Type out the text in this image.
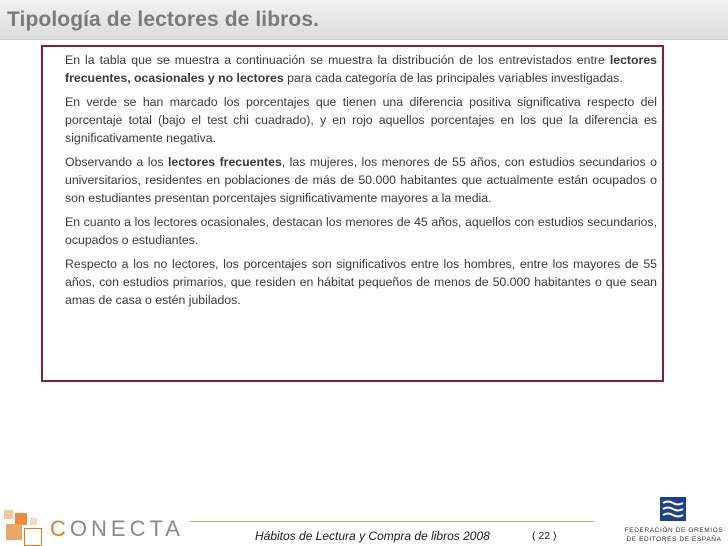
Tipología de lectores de libros.

En la tabla que se muestra a continuación se muestra la distribución de los entrevistados entre lectores frecuentes, ocasionales y no lectores para cada categoría de las principales variables investigadas.

En verde se han marcado los porcentajes que tienen una diferencia positiva significativa respecto del porcentaje total (bajo el test chi cuadrado), y en rojo aquellos porcentajes en los que la diferencia es significativamente negativa.

Observando a los lectores frecuentes, las mujeres, los menores de 55 años, con estudios secundarios o universitarios, residentes en poblaciones de más de 50.000 habitantes que actualmente están ocupados o son estudiantes presentan porcentajes significativamente mayores a la media.

En cuanto a los lectores ocasionales, destacan los menores de 45 años, aquellos con estudios secundarios, ocupados o estudiantes.

Respecto a los no lectores, los porcentajes son significativos entre los hombres, entre los mayores de 55 años, con estudios primarios, que residen en hábitat pequeños de menos de 50.000 habitantes o que sean amas de casa o estén jubilados.

CONECTA	Hábitos de Lectura y Compra de libros 2008	( 22 )	FEDERACIÓN DE GREMIOS
DE EDITORES DE ESPAÑA
